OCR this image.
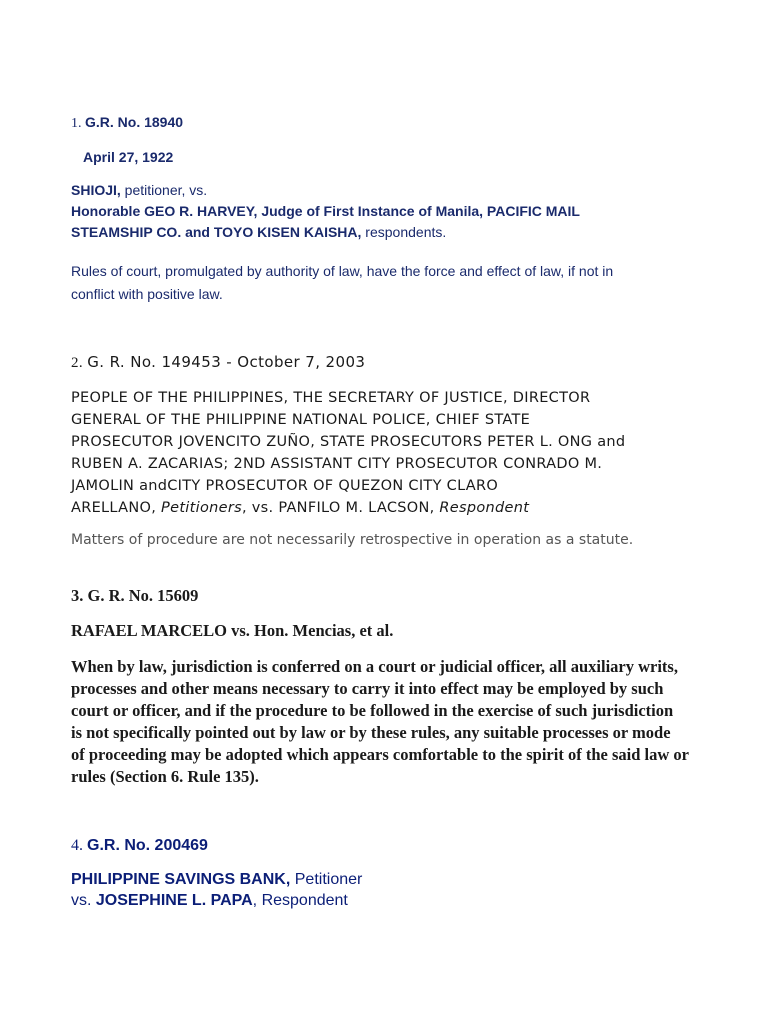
1. G.R. No. 18940
April 27, 1922
SHIOJI, petitioner, vs.
Honorable GEO R. HARVEY, Judge of First Instance of Manila, PACIFIC MAIL
STEAMSHIP CO. and TOYO KISEN KAISHA, respondents.
Rules of court, promulgated by authority of law, have the force and effect of law, if not in
conflict with positive law.
2. G. R. No. 149453 - October 7, 2003
PEOPLE OF THE PHILIPPINES, THE SECRETARY OF JUSTICE, DIRECTOR
GENERAL OF THE PHILIPPINE NATIONAL POLICE, CHIEF STATE
PROSECUTOR JOVENCITO ZUÑO, STATE PROSECUTORS PETER L. ONG and
RUBEN A. ZACARIAS; 2ND ASSISTANT CITY PROSECUTOR CONRADO M.
JAMOLIN andCITY PROSECUTOR OF QUEZON CITY CLARO
ARELLANO, Petitioners, vs. PANFILO M. LACSON, Respondent
Matters of procedure are not necessarily retrospective in operation as a statute.
3. G. R. No. 15609
RAFAEL MARCELO vs. Hon. Mencias, et al.
When by law, jurisdiction is conferred on a court or judicial officer, all auxiliary writs,
processes and other means necessary to carry it into effect may be employed by such
court or officer, and if the procedure to be followed in the exercise of such jurisdiction
is not specifically pointed out by law or by these rules, any suitable processes or mode
of proceeding may be adopted which appears comfortable to the spirit of the said law or
rules (Section 6. Rule 135).
4. G.R. No. 200469
PHILIPPINE SAVINGS BANK, Petitioner
vs. JOSEPHINE L. PAPA, Respondent
